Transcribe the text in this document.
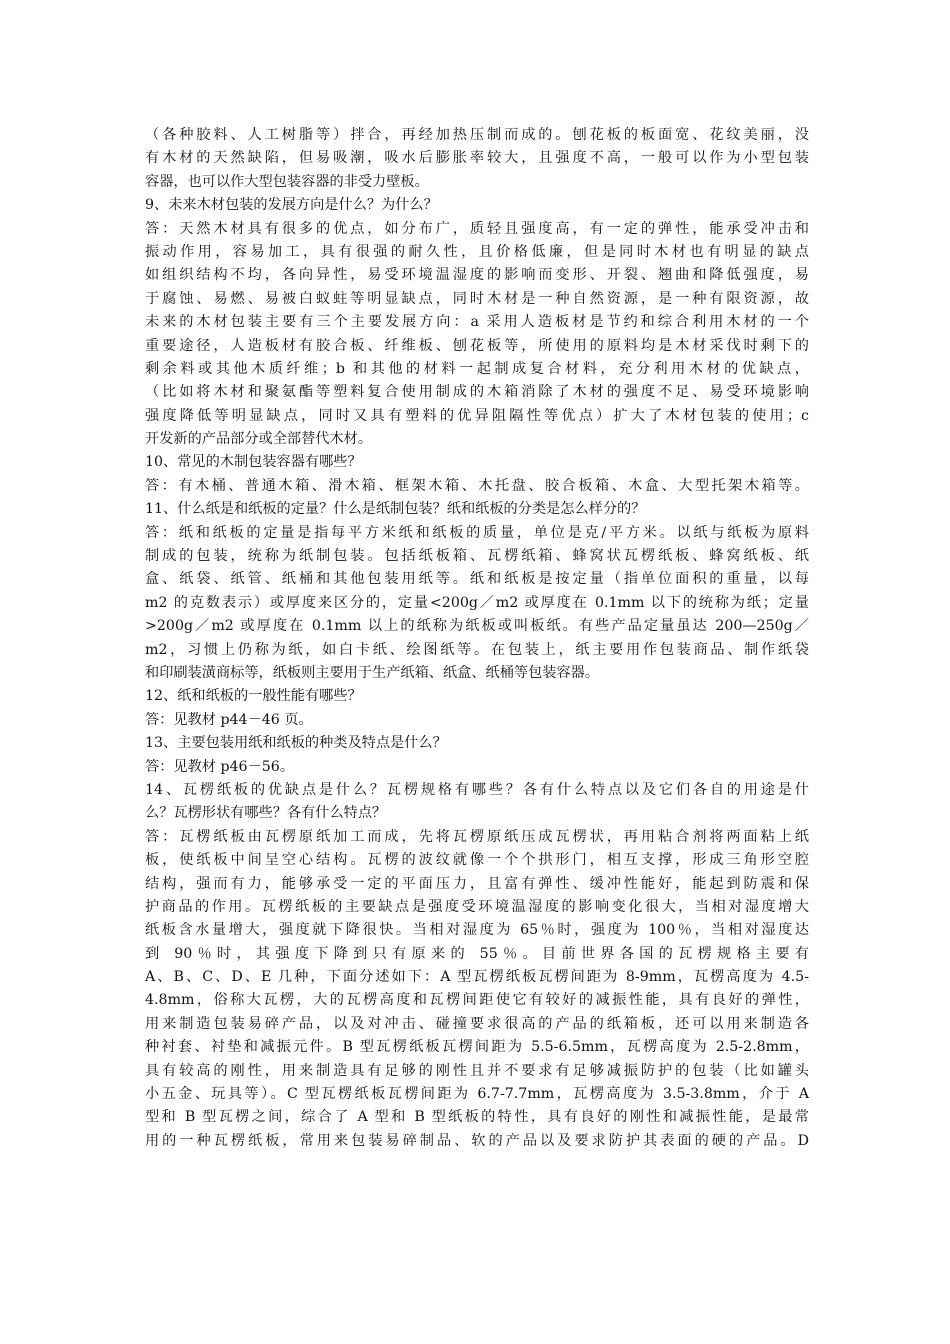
（各种胶料、人工树脂等）拌合，再经加热压制而成的。刨花板的板面宽、花纹美丽，没
有木材的天然缺陷，但易吸潮，吸水后膨胀率较大，且强度不高，一般可以作为小型包装
容器，也可以作大型包装容器的非受力壁板。
9、未来木材包装的发展方向是什么？为什么？
答：天然木材具有很多的优点，如分布广，质轻且强度高，有一定的弹性，能承受冲击和
振动作用，容易加工，具有很强的耐久性，且价格低廉，但是同时木材也有明显的缺点
如组织结构不均，各向异性，易受环境温湿度的影响而变形、开裂、翘曲和降低强度，易
于腐蚀、易燃、易被白蚁蛀等明显缺点，同时木材是一种自然资源，是一种有限资源，故
未来的木材包装主要有三个主要发展方向：a 采用人造板材是节约和综合利用木材的一个
重要途径，人造板材有胶合板、纤维板、刨花板等，所使用的原料均是木材采伐时剩下的
剩余料或其他木质纤维；b 和其他的材料一起制成复合材料，充分利用木材的优缺点，
（比如将木材和聚氨酯等塑料复合使用制成的木箱消除了木材的强度不足、易受环境影响
强度降低等明显缺点，同时又具有塑料的优异阻隔性等优点）扩大了木材包装的使用；c
开发新的产品部分或全部替代木材。
10、常见的木制包装容器有哪些？
答：有木桶、普通木箱、滑木箱、框架木箱、木托盘、胶合板箱、木盒、大型托架木箱等。
11、什么纸是和纸板的定量？什么是纸制包装？纸和纸板的分类是怎么样分的？
答：纸和纸板的定量是指每平方米纸和纸板的质量，单位是克/平方米。以纸与纸板为原料
制成的包装，统称为纸制包装。包括纸板箱、瓦楞纸箱、蜂窝状瓦楞纸板、蜂窝纸板、纸
盒、纸袋、纸管、纸桶和其他包装用纸等。纸和纸板是按定量（指单位面积的重量，以每
m2 的克数表示）或厚度来区分的，定量<200g／m2 或厚度在 0.1mm 以下的统称为纸；定量
>200g／m2 或厚度在 0.1mm 以上的纸称为纸板或叫板纸。有些产品定量虽达 200—250g／
m2，习惯上仍称为纸，如白卡纸、绘图纸等。在包装上，纸主要用作包装商品、制作纸袋
和印刷装潢商标等，纸板则主要用于生产纸箱、纸盒、纸桶等包装容器。
12、纸和纸板的一般性能有哪些？
答：见教材 p44－46 页。
13、主要包装用纸和纸板的种类及特点是什么？
答：见教材 p46－56。
14、瓦楞纸板的优缺点是什么？瓦楞规格有哪些？各有什么特点以及它们各自的用途是什
么？瓦楞形状有哪些？各有什么特点？
答：瓦楞纸板由瓦楞原纸加工而成，先将瓦楞原纸压成瓦楞状，再用粘合剂将两面粘上纸
板，使纸板中间呈空心结构。瓦楞的波纹就像一个个拱形门，相互支撑，形成三角形空腔
结构，强而有力，能够承受一定的平面压力，且富有弹性、缓冲性能好，能起到防震和保
护商品的作用。瓦楞纸板的主要缺点是强度受环境温湿度的影响变化很大，当相对湿度增大
纸板含水量增大，强度就下降很快。当相对湿度为 65％时，强度为 100％，当相对湿度达
到 90％时，其强度下降到只有原来的 55％。目前世界各国的瓦楞规格主要有
A、B、C、D、E 几种，下面分述如下：A 型瓦楞纸板瓦楞间距为 8-9mm，瓦楞高度为 4.5-
4.8mm，俗称大瓦楞，大的瓦楞高度和瓦楞间距使它有较好的减振性能，具有良好的弹性，
用来制造包装易碎产品，以及对冲击、碰撞要求很高的产品的纸箱板，还可以用来制造各
种衬套、衬垫和减振元件。B 型瓦楞纸板瓦楞间距为 5.5-6.5mm，瓦楞高度为 2.5-2.8mm，
具有较高的刚性，用来制造具有足够的刚性且并不要求有足够减振防护的包装（比如罐头
小五金、玩具等）。C 型瓦楞纸板瓦楞间距为 6.7-7.7mm，瓦楞高度为 3.5-3.8mm，介于 A
型和 B 型瓦楞之间，综合了 A 型和 B 型纸板的特性，具有良好的刚性和减振性能，是最常
用的一种瓦楞纸板，常用来包装易碎制品、软的产品以及要求防护其表面的硬的产品。D
